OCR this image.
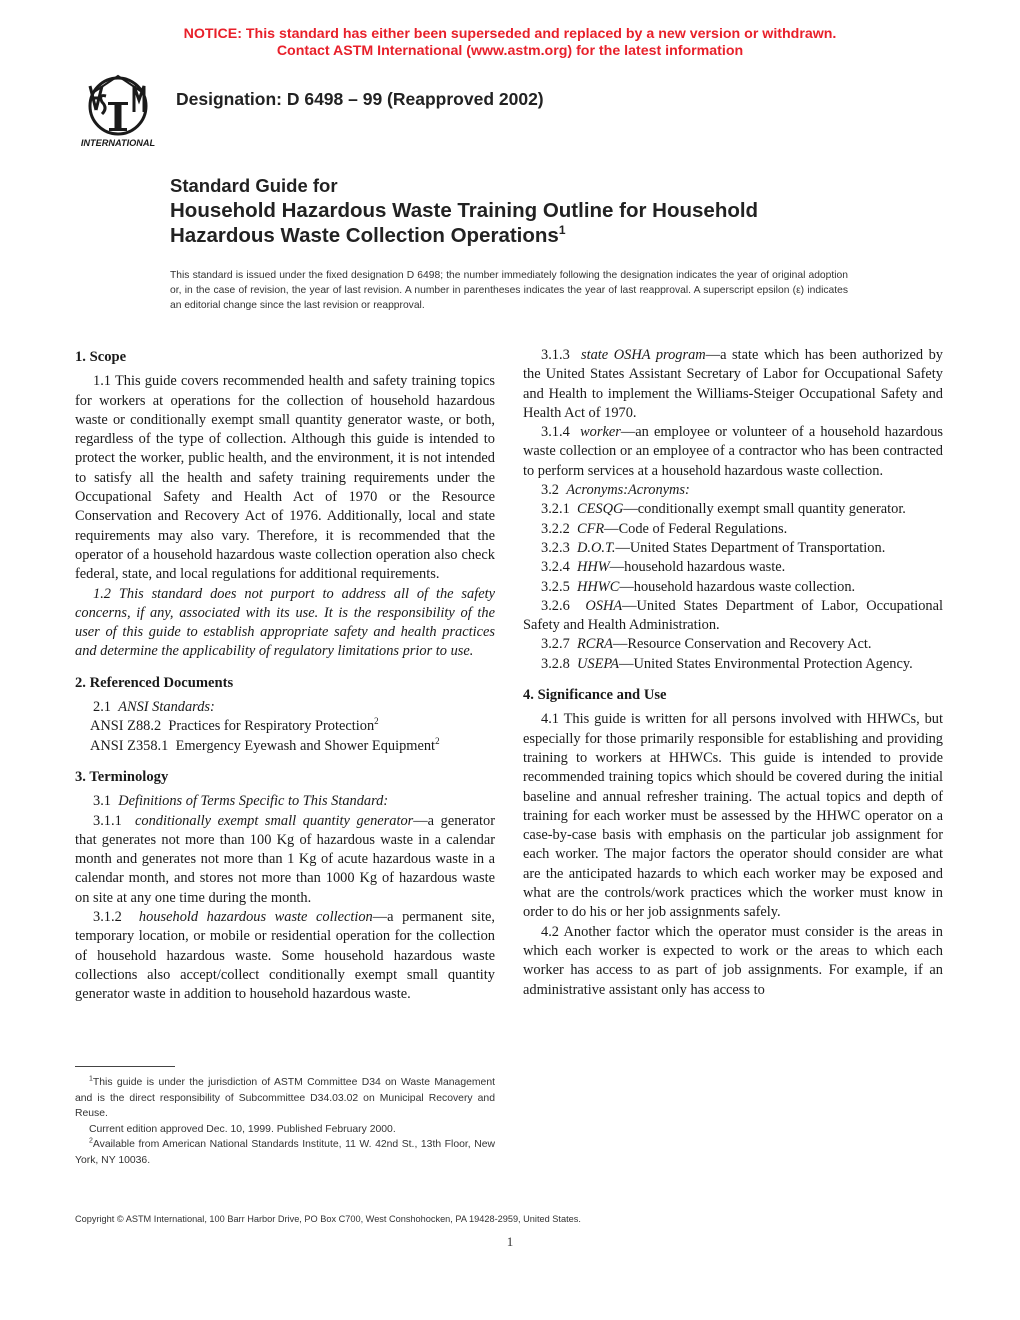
NOTICE: This standard has either been superseded and replaced by a new version or withdrawn.
Contact ASTM International (www.astm.org) for the latest information
INTERNATIONAL
Designation: D 6498 – 99 (Reapproved 2002)
Standard Guide for
Household Hazardous Waste Training Outline for Household
Hazardous Waste Collection Operations$^1$
This standard is issued under the fixed designation D 6498; the number immediately following the designation indicates the year of original adoption or, in the case of revision, the year of last revision. A number in parentheses indicates the year of last reapproval. A superscript epsilon (ε) indicates an editorial change since the last revision or reapproval.
1. Scope

1.1 This guide covers recommended health and safety training topics for workers at operations for the collection of household hazardous waste or conditionally exempt small quantity generator waste, or both, regardless of the type of collection. Although this guide is intended to protect the worker, public health, and the environment, it is not intended to satisfy all the health and safety training requirements under the Occupational Safety and Health Act of 1970 or the Resource Conservation and Recovery Act of 1976. Additionally, local and state requirements may also vary. Therefore, it is recommended that the operator of a household hazardous waste collection operation also check federal, state, and local regulations for additional requirements.

1.2 This standard does not purport to address all of the safety concerns, if any, associated with its use. It is the responsibility of the user of this guide to establish appropriate safety and health practices and determine the applicability of regulatory limitations prior to use.

2. Referenced Documents

2.1 ANSI Standards:

ANSI Z88.2 Practices for Respiratory Protection$^2$

ANSI Z358.1 Emergency Eyewash and Shower Equipment$^2$

3. Terminology

3.1 Definitions of Terms Specific to This Standard:

3.1.1 conditionally exempt small quantity generator—a generator that generates not more than 100 Kg of hazardous waste in a calendar month and generates not more than 1 Kg of acute hazardous waste in a calendar month, and stores not more than 1000 Kg of hazardous waste on site at any one time during the month.

3.1.2 household hazardous waste collection—a permanent site, temporary location, or mobile or residential operation for the collection of household hazardous waste. Some household hazardous waste collections also accept/collect conditionally exempt small quantity generator waste in addition to household hazardous waste.

$^1$This guide is under the jurisdiction of ASTM Committee D34 on Waste Management and is the direct responsibility of Subcommittee D34.03.02 on Municipal Recovery and Reuse.

Current edition approved Dec. 10, 1999. Published February 2000.

$^2$Available from American National Standards Institute, 11 W. 42nd St., 13th Floor, New York, NY 10036.

3.1.3 state OSHA program—a state which has been authorized by the United States Assistant Secretary of Labor for Occupational Safety and Health to implement the Williams-Steiger Occupational Safety and Health Act of 1970.

3.1.4 worker—an employee or volunteer of a household hazardous waste collection or an employee of a contractor who has been contracted to perform services at a household hazardous waste collection.

3.2 Acronyms:Acronyms:

3.2.1 CESQG—conditionally exempt small quantity generator.

3.2.2 CFR—Code of Federal Regulations.

3.2.3 D.O.T.—United States Department of Transportation.

3.2.4 HHW—household hazardous waste.

3.2.5 HHWC—household hazardous waste collection.

3.2.6 OSHA—United States Department of Labor, Occupational Safety and Health Administration.

3.2.7 RCRA—Resource Conservation and Recovery Act.

3.2.8 USEPA—United States Environmental Protection Agency.

4. Significance and Use

4.1 This guide is written for all persons involved with HHWCs, but especially for those primarily responsible for establishing and providing training to workers at HHWCs. This guide is intended to provide recommended training topics which should be covered during the initial baseline and annual refresher training. The actual topics and depth of training for each worker must be assessed by the HHWC operator on a case-by-case basis with emphasis on the particular job assignment for each worker. The major factors the operator should consider are what are the anticipated hazards to which each worker may be exposed and what are the controls/work practices which the worker must know in order to do his or her job assignments safely.

4.2 Another factor which the operator must consider is the areas in which each worker is expected to work or the areas to which each worker has access to as part of job assignments. For example, if an administrative assistant only has access to

Copyright © ASTM International, 100 Barr Harbor Drive, PO Box C700, West Conshohocken, PA 19428-2959, United States.
1
